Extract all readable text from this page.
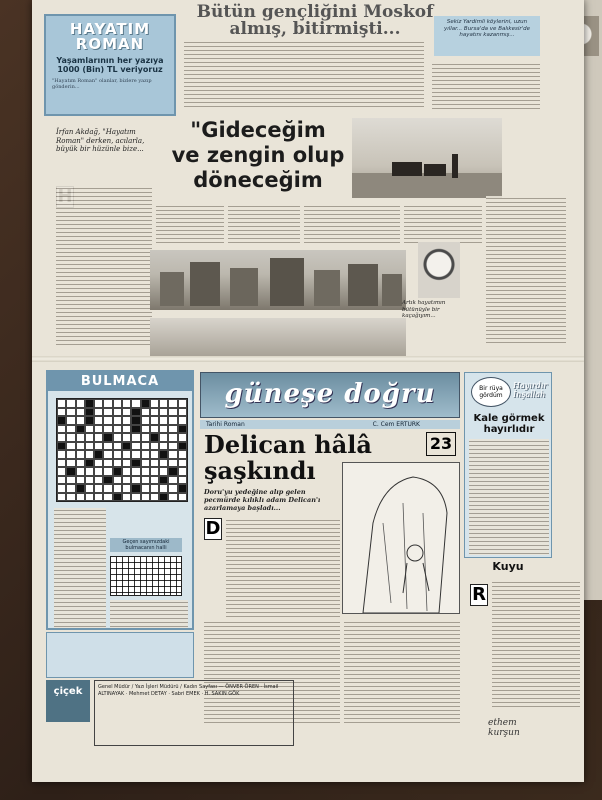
Bütün gençliğini Moskof almış, bitirmişti...
HAYATIM ROMAN
Yaşamlarının her yazıya 1000 (Bin) TL veriyoruz
"Hayatım Roman" olanlar, bizlere yazıp gönderin...
Sekiz Yardimli köylerini, uzun yıllar... Bursa'da ve Balıkesir'de hayatını kazanmış...
İrfan Akdağ, "Hayatım Roman" derken, acılarla, büyük bir hüzünle bize...
"Gideceğim
ve zengin olup
döneceğim
Artık hayatımın bütünüyle bir kaçağıyım...
BULMACA
Geçen sayımızdaki bulmacanın halli
güneşe doğru
Tarihi Roman	C. Cem ERTURK
Delican hâlâ şaşkındı
23
Doru'yu yedeğine alıp gelen pecmürde kılıklı adam Delican'ı azarlamaya başladı...
D
Bir rüya gördüm
Hayırdır İnşallah
Kale görmek hayırlıdır
Kuyu
R
çiçek	Genel Müdür / Yazı İşleri Müdürü / Kadın Sayfası — ÖNVER ÖREN · İsmail ALTINAYAK · Mehmet DETAY · Sabri EMEK · H. SAKIN GÖK
ethem kurşun
